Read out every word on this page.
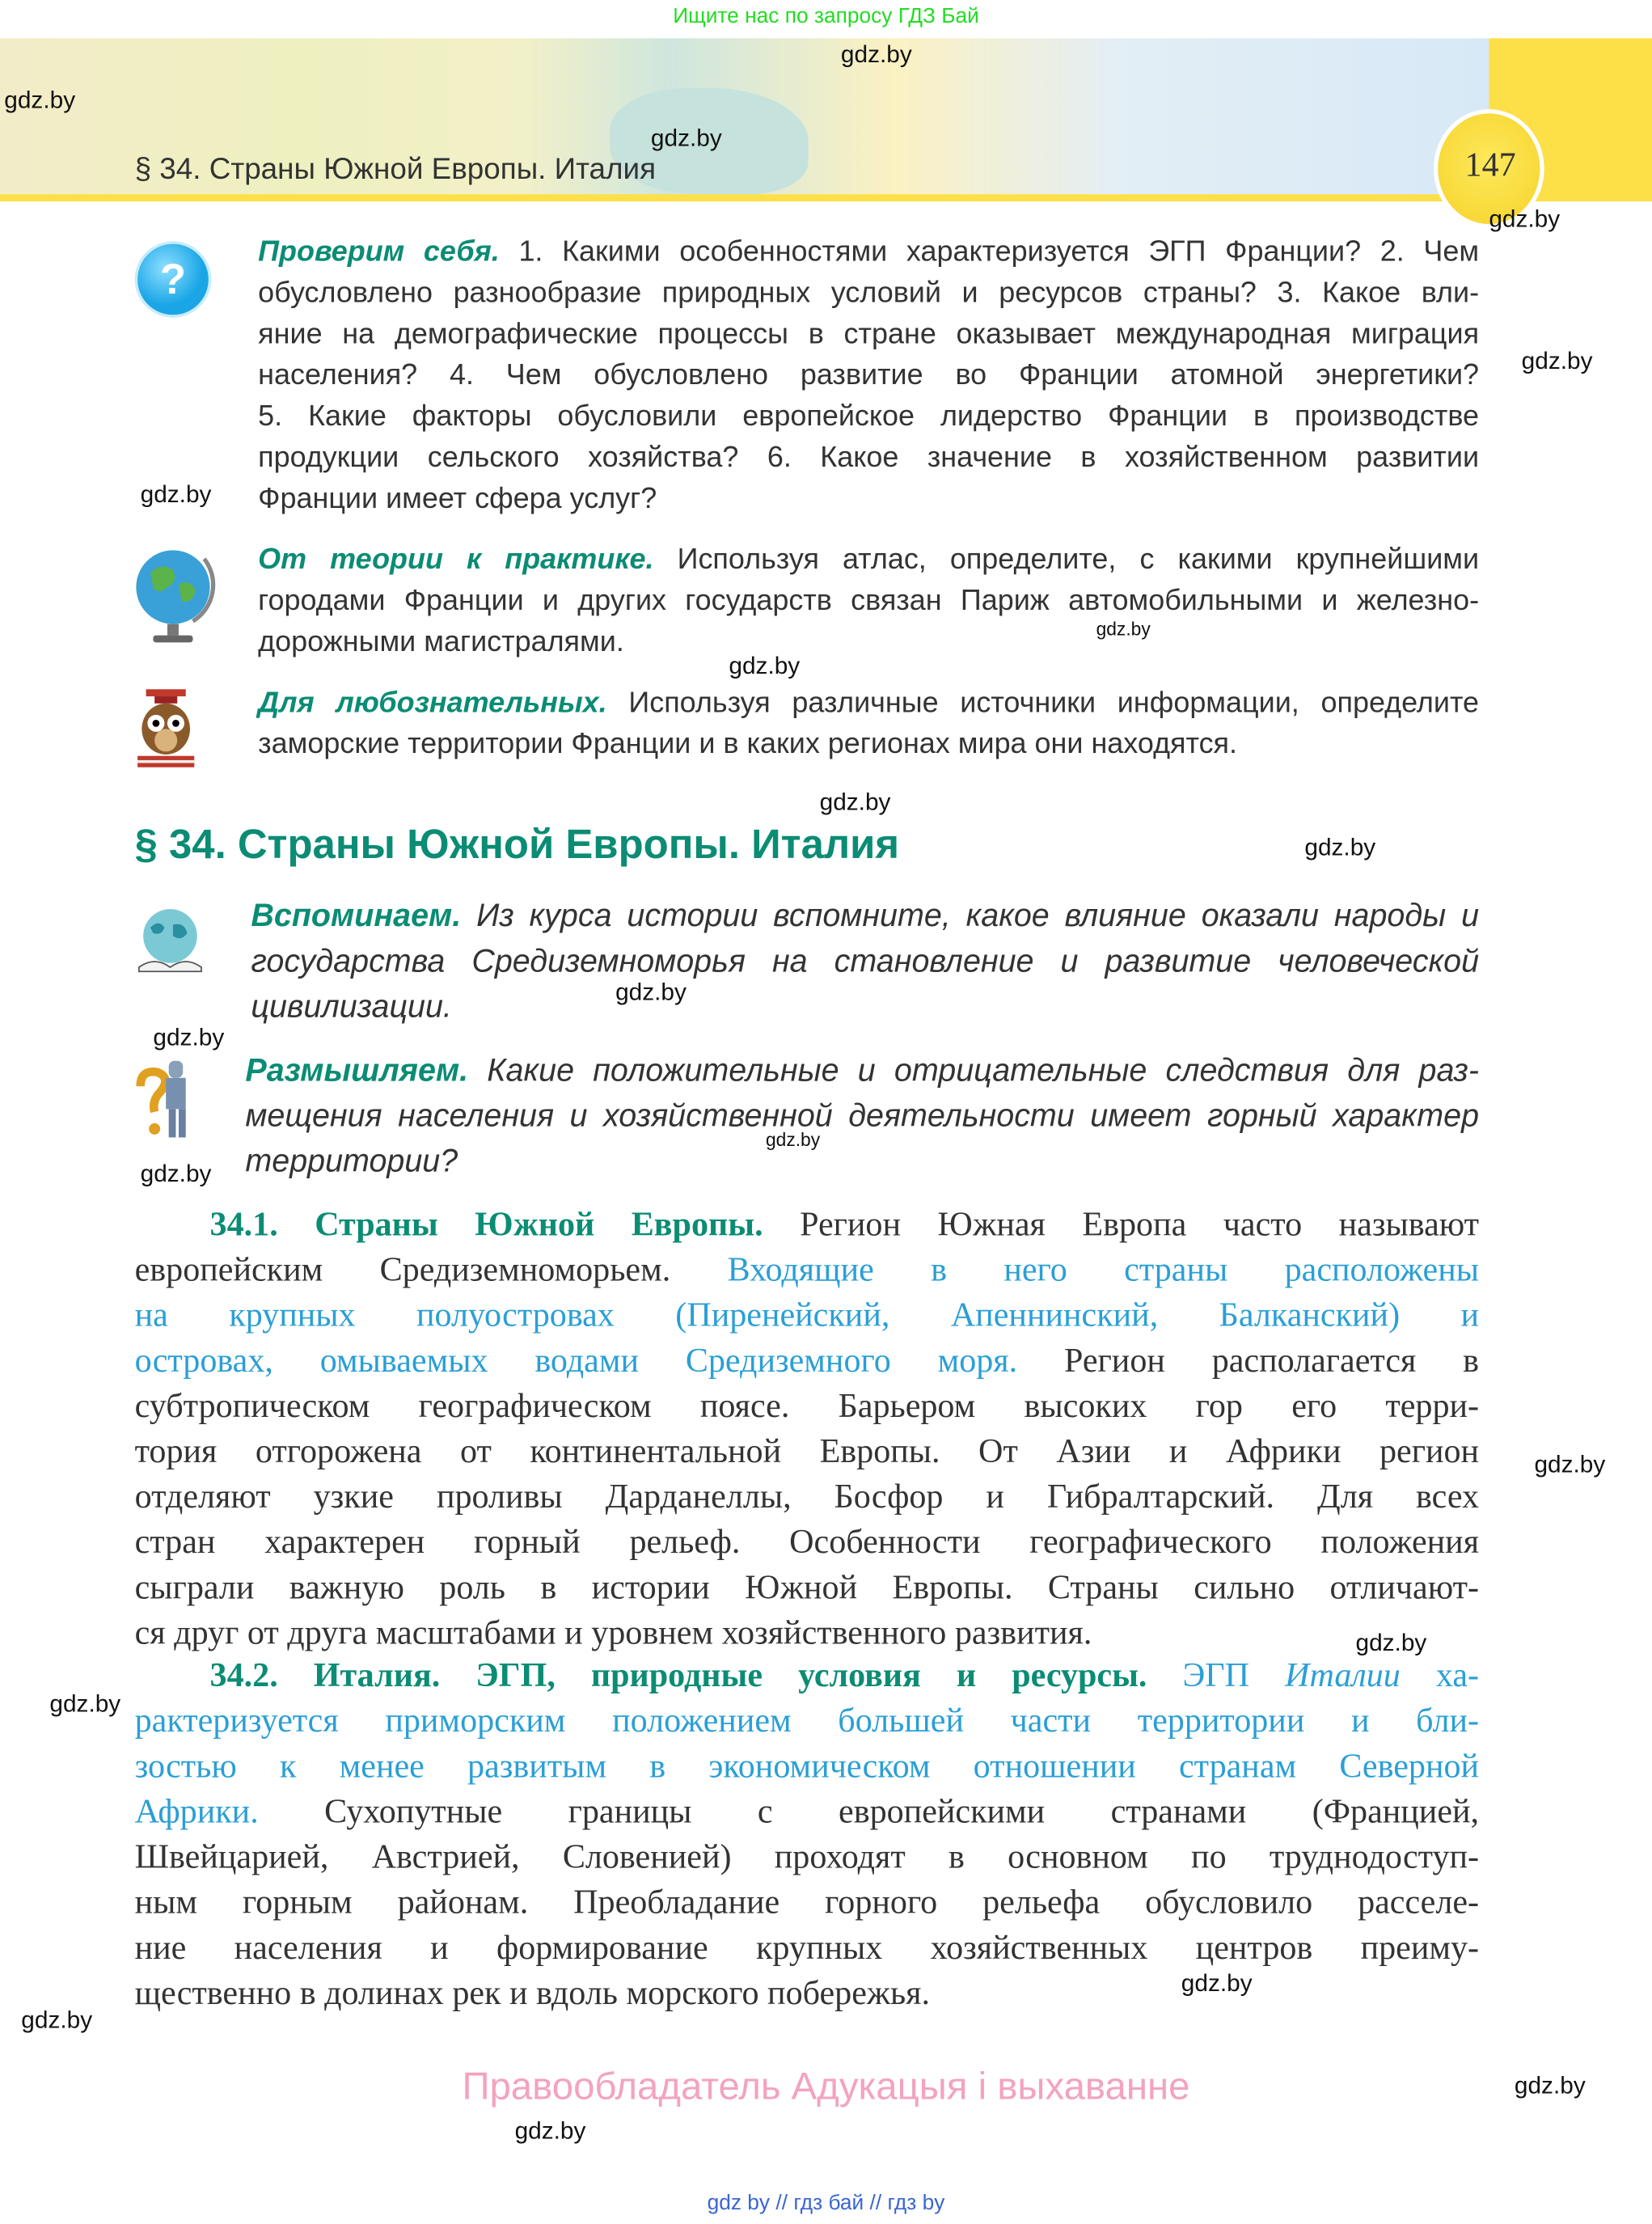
Ищите нас по запросу ГДЗ Бай
147
§ 34. Страны Южной Европы. Италия
?
Проверим себя. 1. Какими особенностями характеризуется ЭГП Франции? 2. Чем
обусловлено разнообразие природных условий и ресурсов страны? 3. Какое вли-
яние на демографические процессы в стране оказывает международная миграция
населения? 4. Чем обусловлено развитие во Франции атомной энергетики?
5. Какие факторы обусловили европейское лидерство Франции в производстве
продукции сельского хозяйства? 6. Какое значение в хозяйственном развитии
Франции имеет сфера услуг?
От теории к практике. Используя атлас, определите, с какими крупнейшими
городами Франции и других государств связан Париж автомобильными и железно-
дорожными магистралями.
Для любознательных. Используя различные источники информации, определите
заморские территории Франции и в каких регионах мира они находятся.
§ 34. Страны Южной Европы. Италия
Вспоминаем. Из курса истории вспомните, какое влияние оказали народы и
государства Средиземноморья на становление и развитие человеческой
цивилизации.
Размышляем. Какие положительные и отрицательные следствия для раз-
мещения населения и хозяйственной деятельности имеет горный характер
территории?
34.1. Страны Южной Европы. Регион Южная Европа часто называют
европейским Средиземноморьем. Входящие в него страны расположены
на крупных полуостровах (Пиренейский, Апеннинский, Балканский) и
островах, омываемых водами Средиземного моря. Регион располагается в
субтропическом географическом поясе. Барьером высоких гор его терри-
тория отгорожена от континентальной Европы. От Азии и Африки регион
отделяют узкие проливы Дарданеллы, Босфор и Гибралтарский. Для всех
стран характерен горный рельеф. Особенности географического положения
сыграли важную роль в истории Южной Европы. Страны сильно отличают-
ся друг от друга масштабами и уровнем хозяйственного развития.
34.2. Италия. ЭГП, природные условия и ресурсы. ЭГП Италии ха-
рактеризуется приморским положением большей части территории и бли-
зостью к менее развитым в экономическом отношении странам Северной
Африки. Сухопутные границы с европейскими странами (Францией,
Швейцарией, Австрией, Словенией) проходят в основном по труднодоступ-
ным горным районам. Преобладание горного рельефа обусловило расселе-
ние населения и формирование крупных хозяйственных центров преиму-
щественно в долинах рек и вдоль морского побережья.
Правообладатель Адукацыя і выхаванне
gdz by // гдз бай // гдз by
gdz.by
gdz.by
gdz.by
gdz.by
gdz.by
gdz.by
gdz.by
gdz.by
gdz.by
gdz.by
gdz.by
gdz.by
gdz.by
gdz.by
gdz.by
gdz.by
gdz.by
gdz.by
gdz.by
gdz.by
gdz.by
